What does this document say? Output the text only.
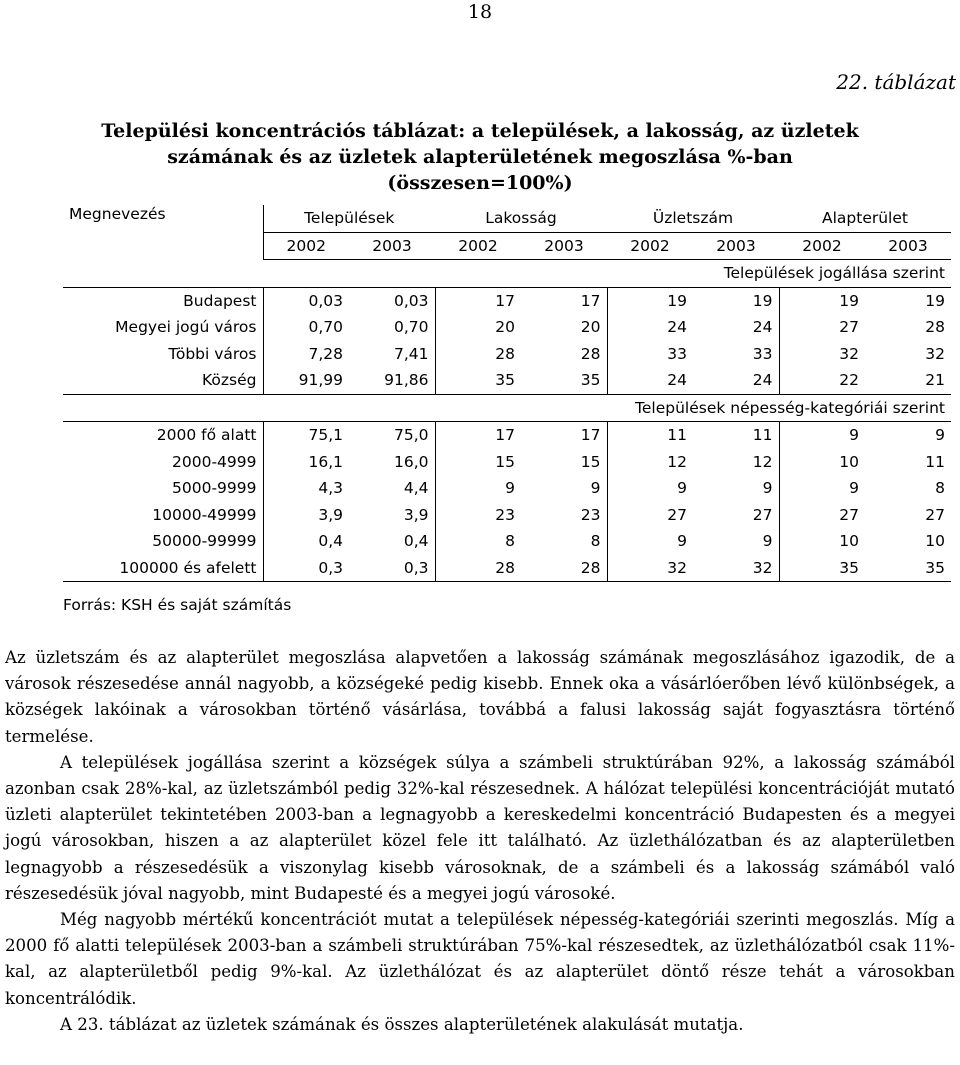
18
22. táblázat
Települési koncentrációs táblázat: a települések, a lakosság, az üzletek
számának és az üzletek alapterületének megoszlása %-ban
(összesen=100%)
Megnevezés	Települések		Lakosság		Üzletszám		Alapterület	
	2002	2003	2002	2003	2002	2003	2002	2003
Települések jogállása szerint								
Budapest	0,03	0,03	17	17	19	19	19	19
Megyei jogú város	0,70	0,70	20	20	24	24	27	28
Többi város	7,28	7,41	28	28	33	33	32	32
Község	91,99	91,86	35	35	24	24	22	21
Települések népesség-kategóriái szerint								
2000 fő alatt	75,1	75,0	17	17	11	11	9	9
2000-4999	16,1	16,0	15	15	12	12	10	11
5000-9999	4,3	4,4	9	9	9	9	9	8
10000-49999	3,9	3,9	23	23	27	27	27	27
50000-99999	0,4	0,4	8	8	9	9	10	10
100000 és afelett	0,3	0,3	28	28	32	32	35	35
Forrás: KSH és saját számítás

Az üzletszám és az alapterület megoszlása alapvetően a lakosság számának megoszlásához igazodik, de a városok részesedése annál nagyobb, a községeké pedig kisebb. Ennek oka a vásárlóerőben lévő különbségek, a községek lakóinak a városokban történő vásárlása, továbbá a falusi lakosság saját fogyasztásra történő termelése.

A települések jogállása szerint a községek súlya a számbeli struktúrában 92%, a lakosság számából azonban csak 28%-kal, az üzletszámból pedig 32%-kal részesednek. A hálózat települési koncentrációját mutató üzleti alapterület tekintetében 2003-ban a legnagyobb a kereskedelmi koncentráció Budapesten és a megyei jogú városokban, hiszen a az alapterület közel fele itt található. Az üzlethálózatban és az alapterületben legnagyobb a részesedésük a viszonylag kisebb városoknak, de a számbeli és a lakosság számából való részesedésük jóval nagyobb, mint Budapesté és a megyei jogú városoké.

Még nagyobb mértékű koncentrációt mutat a települések népesség-kategóriái szerinti megoszlás. Míg a 2000 fő alatti települések 2003-ban a számbeli struktúrában 75%-kal részesedtek, az üzlethálózatból csak 11%-kal, az alapterületből pedig 9%-kal. Az üzlethálózat és az alapterület döntő része tehát a városokban koncentrálódik.

A 23. táblázat az üzletek számának és összes alapterületének alakulását mutatja.
